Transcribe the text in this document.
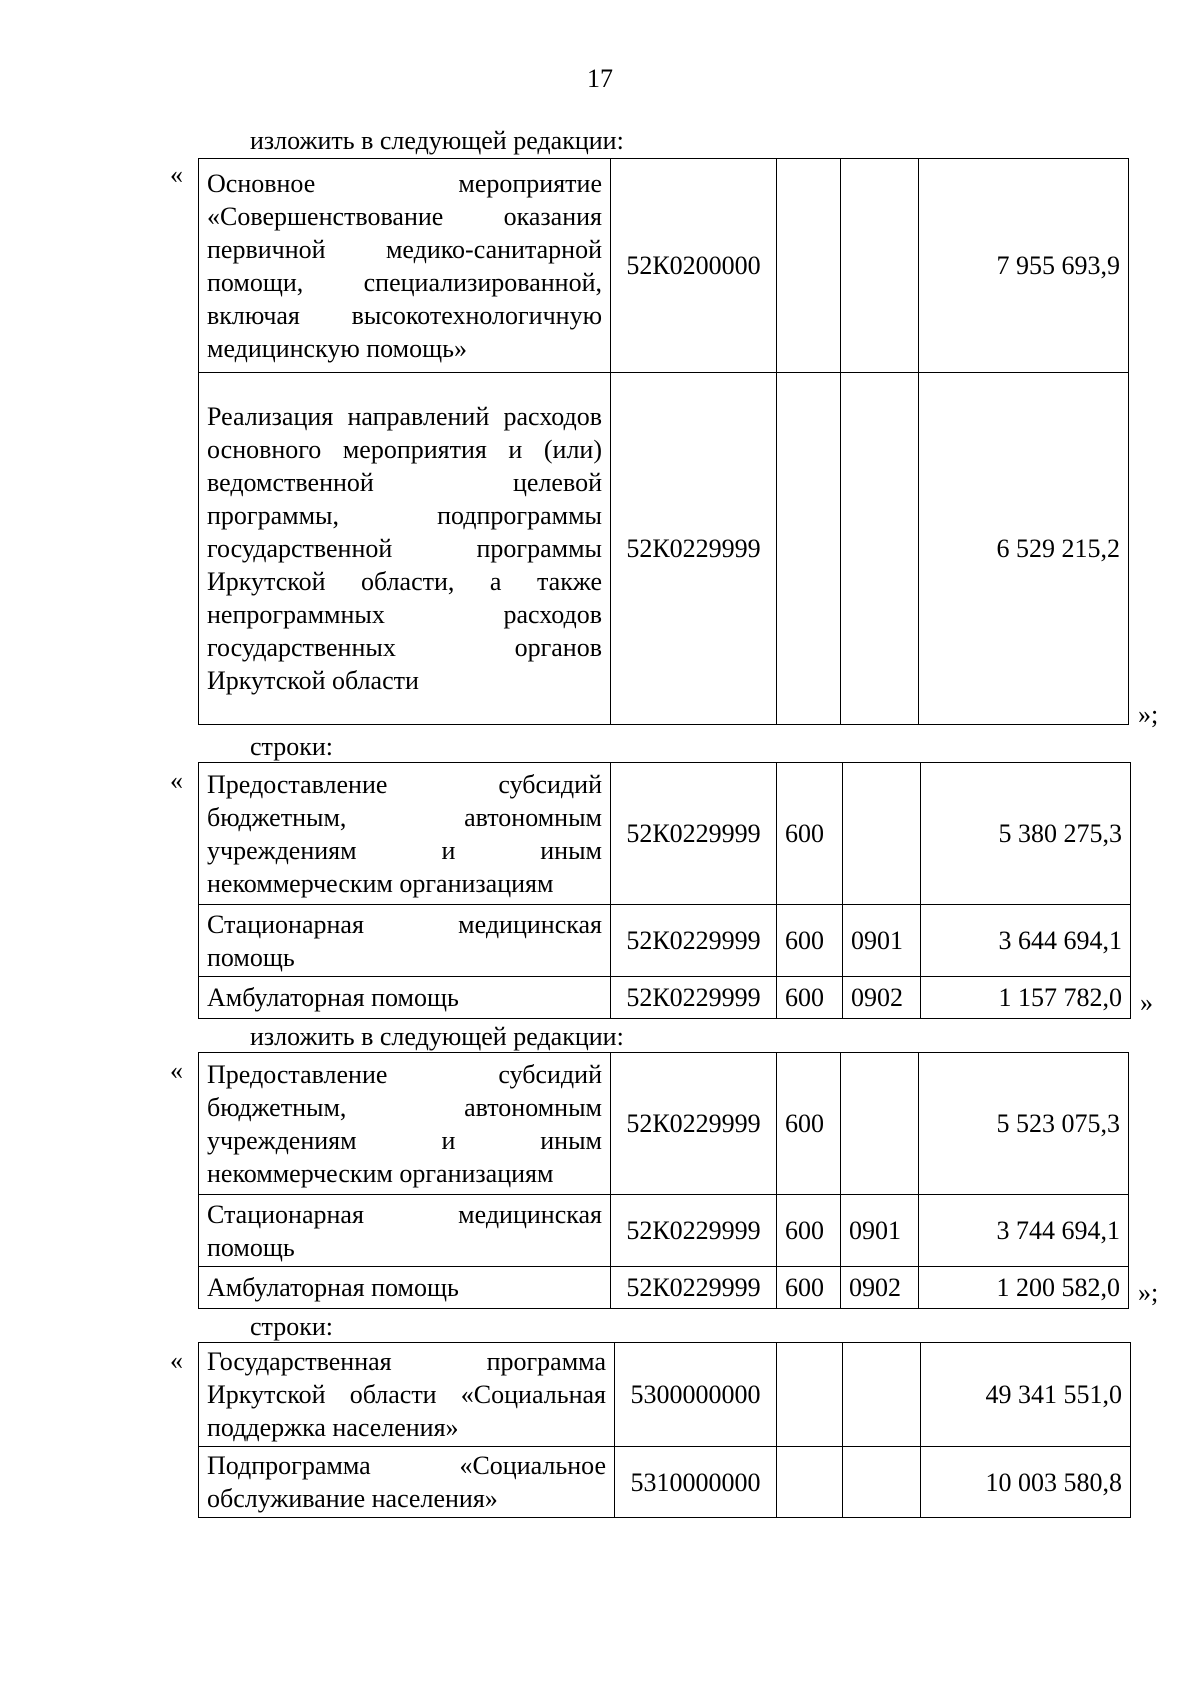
17
изложить в следующей редакции:
« Основное мероприятие «Совершенствование оказания первичной медико-санитарной помощи, специализированной, включая высокотехнологичную медицинскую помощь»	52К0200000			7 955 693,9
Реализация направлений расходов основного мероприятия и (или) ведомственной целевой программы, подпрограммы государственной программы Иркутской области, а также непрограммных расходов государственных органов Иркутской области	52К0229999			6 529 215,2
»;
строки:
« Предоставление субсидий бюджетным, автономным учреждениям и иным некоммерческим организациям	52К0229999	600		5 380 275,3
Стационарная медицинская помощь	52К0229999	600	0901	3 644 694,1
Амбулаторная помощь	52К0229999	600	0902	1 157 782,0 »
изложить в следующей редакции:
« Предоставление субсидий бюджетным, автономным учреждениям и иным некоммерческим организациям	52К0229999	600		5 523 075,3
Стационарная медицинская помощь	52К0229999	600	0901	3 744 694,1
Амбулаторная помощь	52К0229999	600	0902	1 200 582,0 »;
строки:
« Государственная программа Иркутской области «Социальная поддержка населения»	5300000000			49 341 551,0
Подпрограмма «Социальное обслуживание населения»	5310000000			10 003 580,8
